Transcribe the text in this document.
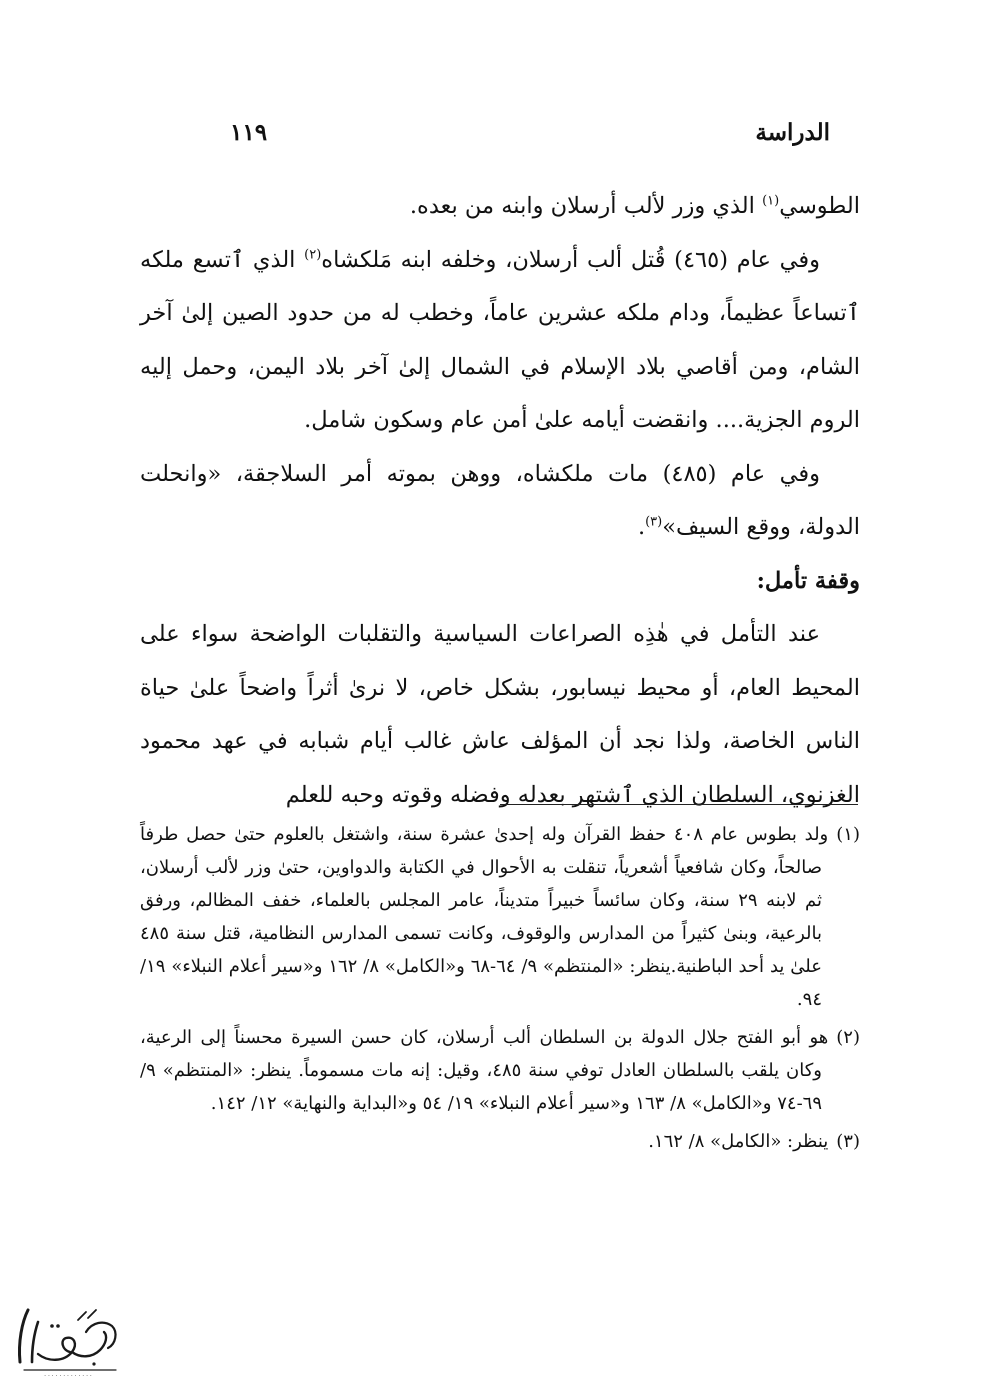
الدراسة
١١٩

الطوسي$^{(١)}$ الذي وزر لألب أرسلان وابنه من بعده.

وفي عام (٤٦٥) قُتل ألب أرسلان، وخلفه ابنه مَلكشاه$^{(٢)}$ الذي ٱتسع ملكه ٱتساعاً عظيماً، ودام ملكه عشرين عاماً، وخطب له من حدود الصين إلىٰ آخر الشام، ومن أقاصي بلاد الإسلام في الشمال إلىٰ آخر بلاد اليمن، وحمل إليه الروم الجزية.... وانقضت أيامه علىٰ أمن عام وسكون شامل.

وفي عام (٤٨٥) مات ملكشاه، ووهن بموته أمر السلاجقة، «وانحلت الدولة، ووقع السيف»$^{(٣)}$.

وقفة تأمل:

عند التأمل في هٰذِه الصراعات السياسية والتقلبات الواضحة سواء على المحيط العام، أو محيط نيسابور، بشكل خاص، لا نرىٰ أثراً واضحاً علىٰ حياة الناس الخاصة، ولذا نجد أن المؤلف عاش غالب أيام شبابه في عهد محمود الغزنوي، السلطان الذي ٱشتهر بعدله وفضله وقوته وحبه للعلم

(١)ولد بطوس عام ٤٠٨ حفظ القرآن وله إحدىٰ عشرة سنة، واشتغل بالعلوم حتىٰ حصل طرفاً صالحاً، وكان شافعياً أشعرياً، تنقلت به الأحوال في الكتابة والدواوين، حتىٰ وزر لألب أرسلان، ثم لابنه ٢٩ سنة، وكان سائساً خبيراً متديناً، عامر المجلس بالعلماء، خفف المظالم، ورفق بالرعية، وبنىٰ كثيراً من المدارس والوقوف، وكانت تسمى المدارس النظامية، قتل سنة ٤٨٥ علىٰ يد أحد الباطنية.ينظر: «المنتظم» ٩/ ٦٤-٦٨ و«الكامل» ٨/ ١٦٢ و«سير أعلام النبلاء» ١٩/ ٩٤.

(٢)هو أبو الفتح جلال الدولة بن السلطان ألب أرسلان، كان حسن السيرة محسناً إلى الرعية، وكان يلقب بالسلطان العادل توفي سنة ٤٨٥، وقيل: إنه مات مسموماً. ينظر: «المنتظم» ٩/ ٦٩-٧٤ و«الكامل» ٨/ ١٦٣ و«سير أعلام النبلاء» ١٩/ ٥٤ و«البداية والنهاية» ١٢/ ١٤٢.

(٣)ينظر: «الكامل» ٨/ ١٦٢.

· · · · · · · · · · · · ·
